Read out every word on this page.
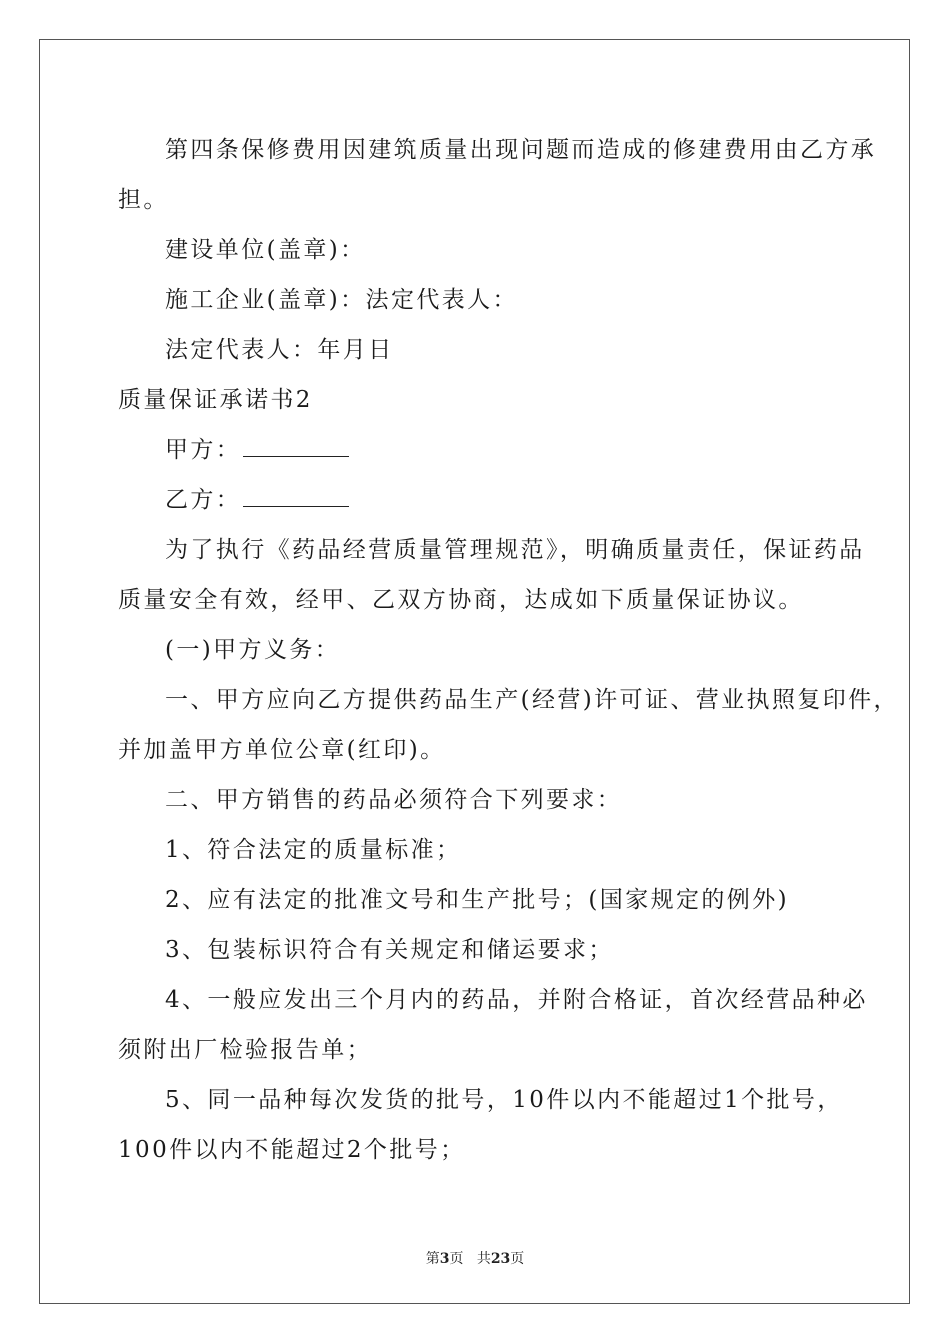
第四条保修费用因建筑质量出现问题而造成的修建费用由乙方承
担。
建设单位(盖章)：
施工企业(盖章)：法定代表人：
法定代表人：年月日
质量保证承诺书2
甲方：
乙方：
为了执行《药品经营质量管理规范》，明确质量责任，保证药品
质量安全有效，经甲、乙双方协商，达成如下质量保证协议。
(一)甲方义务：
一、甲方应向乙方提供药品生产(经营)许可证、营业执照复印件，
并加盖甲方单位公章(红印)。
二、甲方销售的药品必须符合下列要求：
1、符合法定的质量标准；
2、应有法定的批准文号和生产批号；(国家规定的例外)
3、包装标识符合有关规定和储运要求；
4、一般应发出三个月内的药品，并附合格证，首次经营品种必
须附出厂检验报告单；
5、同一品种每次发货的批号，10件以内不能超过1个批号，
100件以内不能超过2个批号；
第3页 共23页
